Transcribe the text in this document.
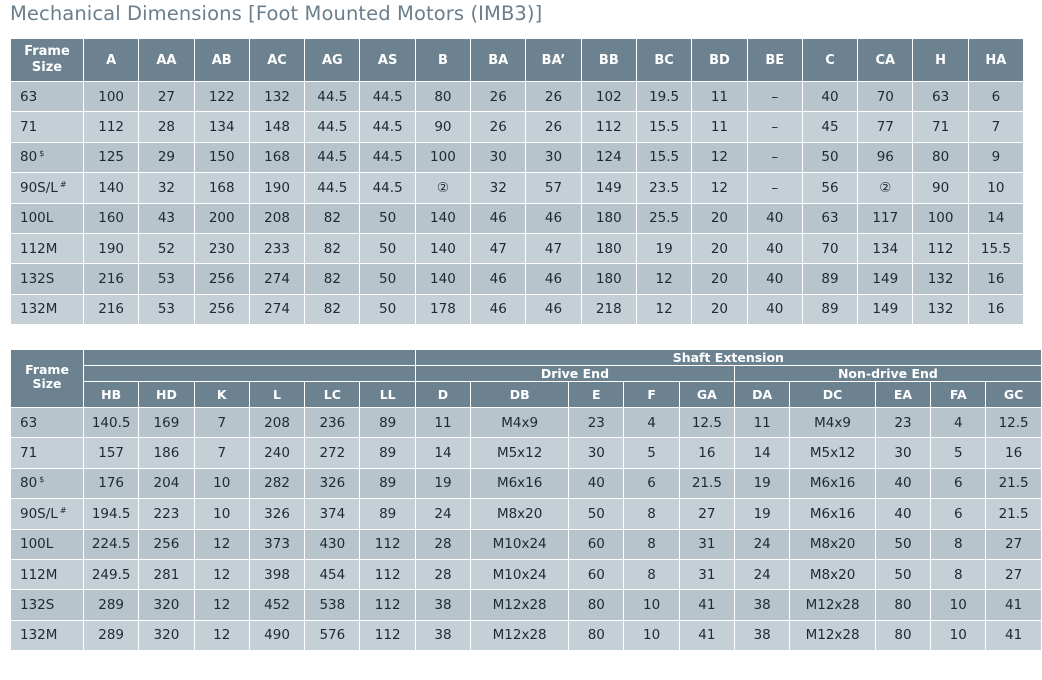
Mechanical Dimensions [Foot Mounted Motors (IMB3)]
Frame
Size	A	AA	AB	AC	AG	AS	B	BA	BA’	BB	BC	BD	BE	C	CA	H	HA
63	100	27	122	132	44.5	44.5	80	26	26	102	19.5	11	–	40	70	63	6
71	112	28	134	148	44.5	44.5	90	26	26	112	15.5	11	–	45	77	71	7
80 $	125	29	150	168	44.5	44.5	100	30	30	124	15.5	12	–	50	96	80	9
90S/L #	140	32	168	190	44.5	44.5	②	32	57	149	23.5	12	–	56	②	90	10
100L	160	43	200	208	82	50	140	46	46	180	25.5	20	40	63	117	100	14
112M	190	52	230	233	82	50	140	47	47	180	19	20	40	70	134	112	15.5
132S	216	53	256	274	82	50	140	46	46	180	12	20	40	89	149	132	16
132M	216	53	256	274	82	50	178	46	46	218	12	20	40	89	149	132	16
Frame
Size							Shaft Extension									
							Drive End					Non-drive End				
	HB	HD	K	L	LC	LL	D	DB	E	F	GA	DA	DC	EA	FA	GC
63	140.5	169	7	208	236	89	11	M4x9	23	4	12.5	11	M4x9	23	4	12.5
71	157	186	7	240	272	89	14	M5x12	30	5	16	14	M5x12	30	5	16
80 $	176	204	10	282	326	89	19	M6x16	40	6	21.5	19	M6x16	40	6	21.5
90S/L #	194.5	223	10	326	374	89	24	M8x20	50	8	27	19	M6x16	40	6	21.5
100L	224.5	256	12	373	430	112	28	M10x24	60	8	31	24	M8x20	50	8	27
112M	249.5	281	12	398	454	112	28	M10x24	60	8	31	24	M8x20	50	8	27
132S	289	320	12	452	538	112	38	M12x28	80	10	41	38	M12x28	80	10	41
132M	289	320	12	490	576	112	38	M12x28	80	10	41	38	M12x28	80	10	41
